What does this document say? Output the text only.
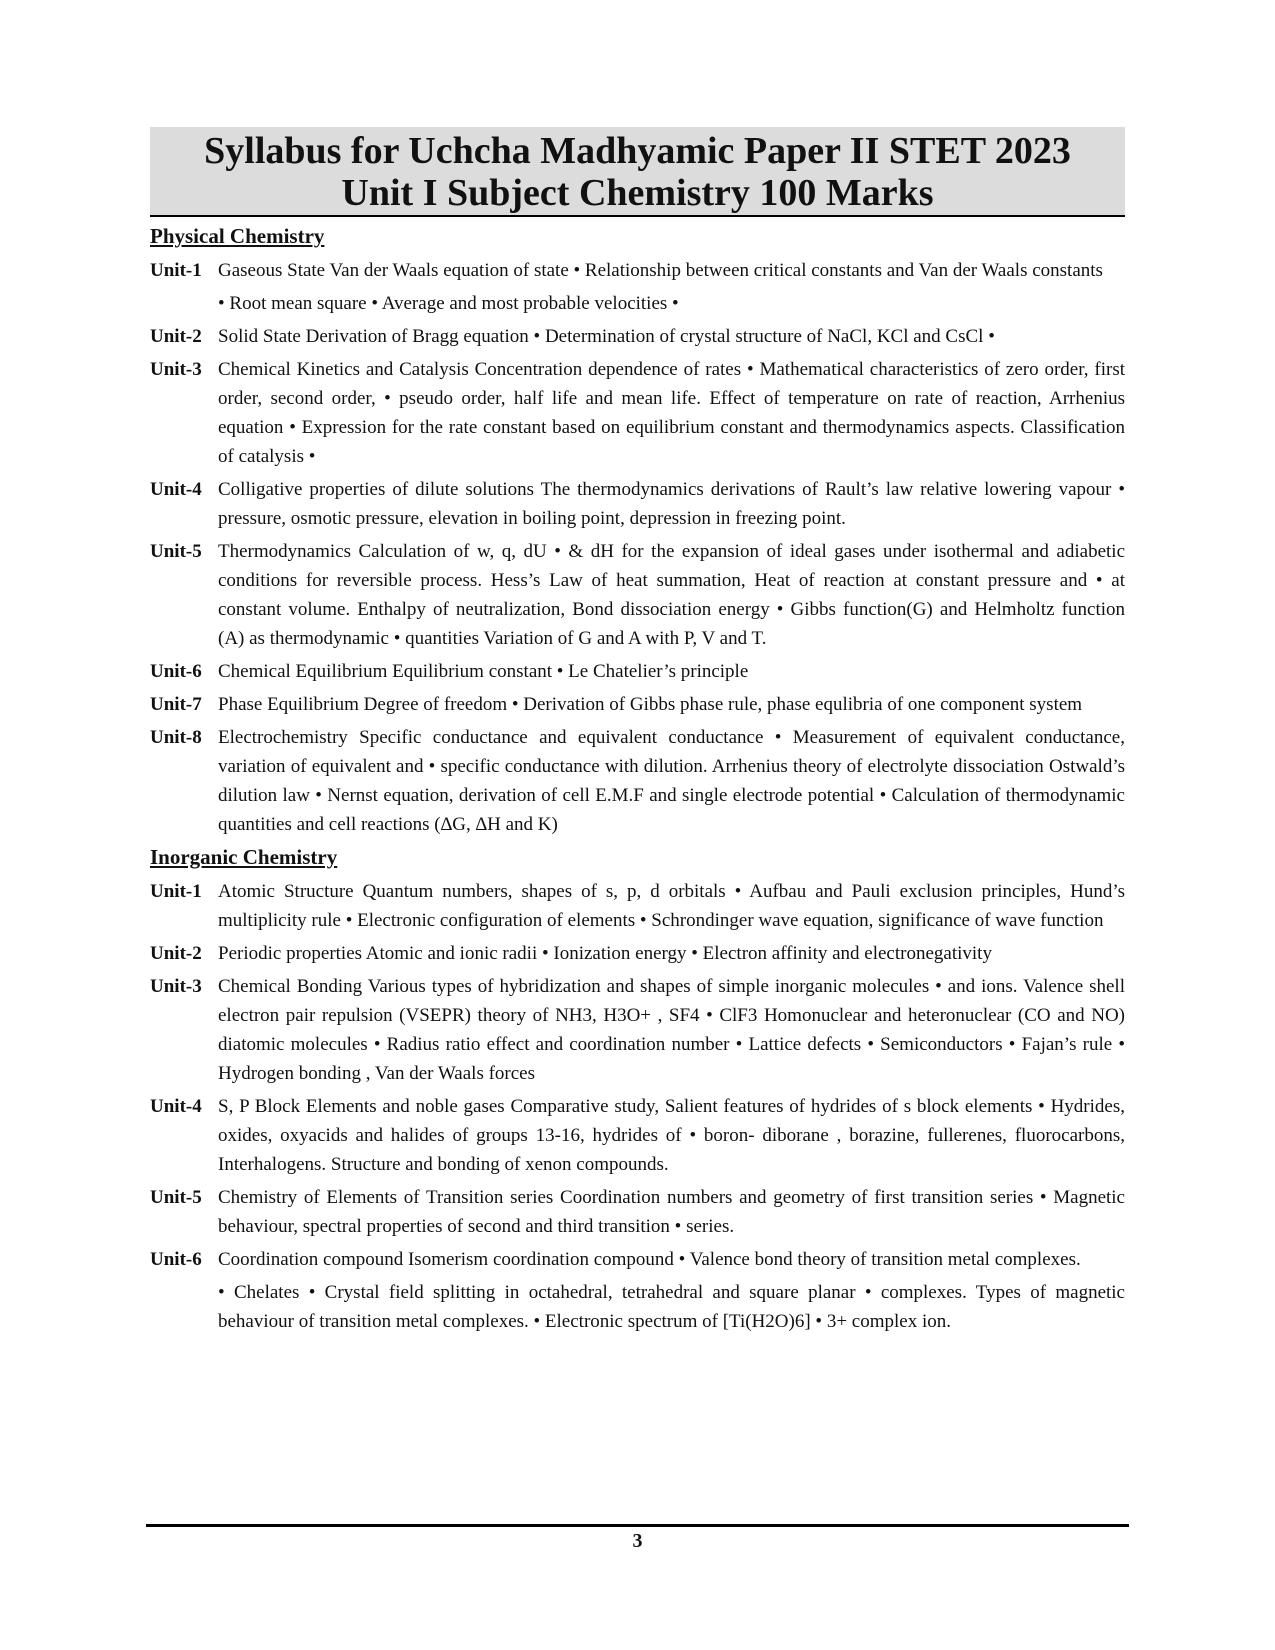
Syllabus for Uchcha Madhyamic Paper II STET 2023
Unit I Subject Chemistry 100 Marks
Physical Chemistry
Unit-1 Gaseous State Van der Waals equation of state • Relationship between critical constants and Van der Waals constants
• Root mean square • Average and most probable velocities •
Unit-2 Solid State Derivation of Bragg equation • Determination of crystal structure of NaCl, KCl and CsCl •
Unit-3 Chemical Kinetics and Catalysis Concentration dependence of rates • Mathematical characteristics of zero order, first order, second order, • pseudo order, half life and mean life. Effect of temperature on rate of reaction, Arrhenius equation • Expression for the rate constant based on equilibrium constant and thermodynamics aspects. Classification of catalysis •
Unit-4 Colligative properties of dilute solutions The thermodynamics derivations of Rault’s law relative lowering vapour • pressure, osmotic pressure, elevation in boiling point, depression in freezing point.
Unit-5 Thermodynamics Calculation of w, q, dU • & dH for the expansion of ideal gases under isothermal and adiabetic conditions for reversible process. Hess’s Law of heat summation, Heat of reaction at constant pressure and • at constant volume. Enthalpy of neutralization, Bond dissociation energy • Gibbs function(G) and Helmholtz function (A) as thermodynamic • quantities Variation of G and A with P, V and T.
Unit-6 Chemical Equilibrium Equilibrium constant • Le Chatelier’s principle
Unit-7 Phase Equilibrium Degree of freedom • Derivation of Gibbs phase rule, phase equlibria of one component system
Unit-8 Electrochemistry Specific conductance and equivalent conductance • Measurement of equivalent conductance, variation of equivalent and • specific conductance with dilution. Arrhenius theory of electrolyte dissociation Ostwald’s dilution law • Nernst equation, derivation of cell E.M.F and single electrode potential • Calculation of thermodynamic quantities and cell reactions (∆G, ∆H and K)
Inorganic Chemistry
Unit-1 Atomic Structure Quantum numbers, shapes of s, p, d orbitals • Aufbau and Pauli exclusion principles, Hund’s multiplicity rule • Electronic configuration of elements • Schrondinger wave equation, significance of wave function
Unit-2 Periodic properties Atomic and ionic radii • Ionization energy • Electron affinity and electronegativity
Unit-3 Chemical Bonding Various types of hybridization and shapes of simple inorganic molecules • and ions. Valence shell electron pair repulsion (VSEPR) theory of NH3, H3O+ , SF4 • ClF3 Homonuclear and heteronuclear (CO and NO) diatomic molecules • Radius ratio effect and coordination number • Lattice defects • Semiconductors • Fajan’s rule • Hydrogen bonding , Van der Waals forces
Unit-4 S, P Block Elements and noble gases Comparative study, Salient features of hydrides of s block elements • Hydrides, oxides, oxyacids and halides of groups 13-16, hydrides of • boron- diborane , borazine, fullerenes, fluorocarbons, Interhalogens. Structure and bonding of xenon compounds.
Unit-5 Chemistry of Elements of Transition series Coordination numbers and geometry of first transition series • Magnetic behaviour, spectral properties of second and third transition • series.
Unit-6 Coordination compound Isomerism coordination compound • Valence bond theory of transition metal complexes.
• Chelates • Crystal field splitting in octahedral, tetrahedral and square planar • complexes. Types of magnetic behaviour of transition metal complexes. • Electronic spectrum of [Ti(H2O)6] • 3+ complex ion.
3
